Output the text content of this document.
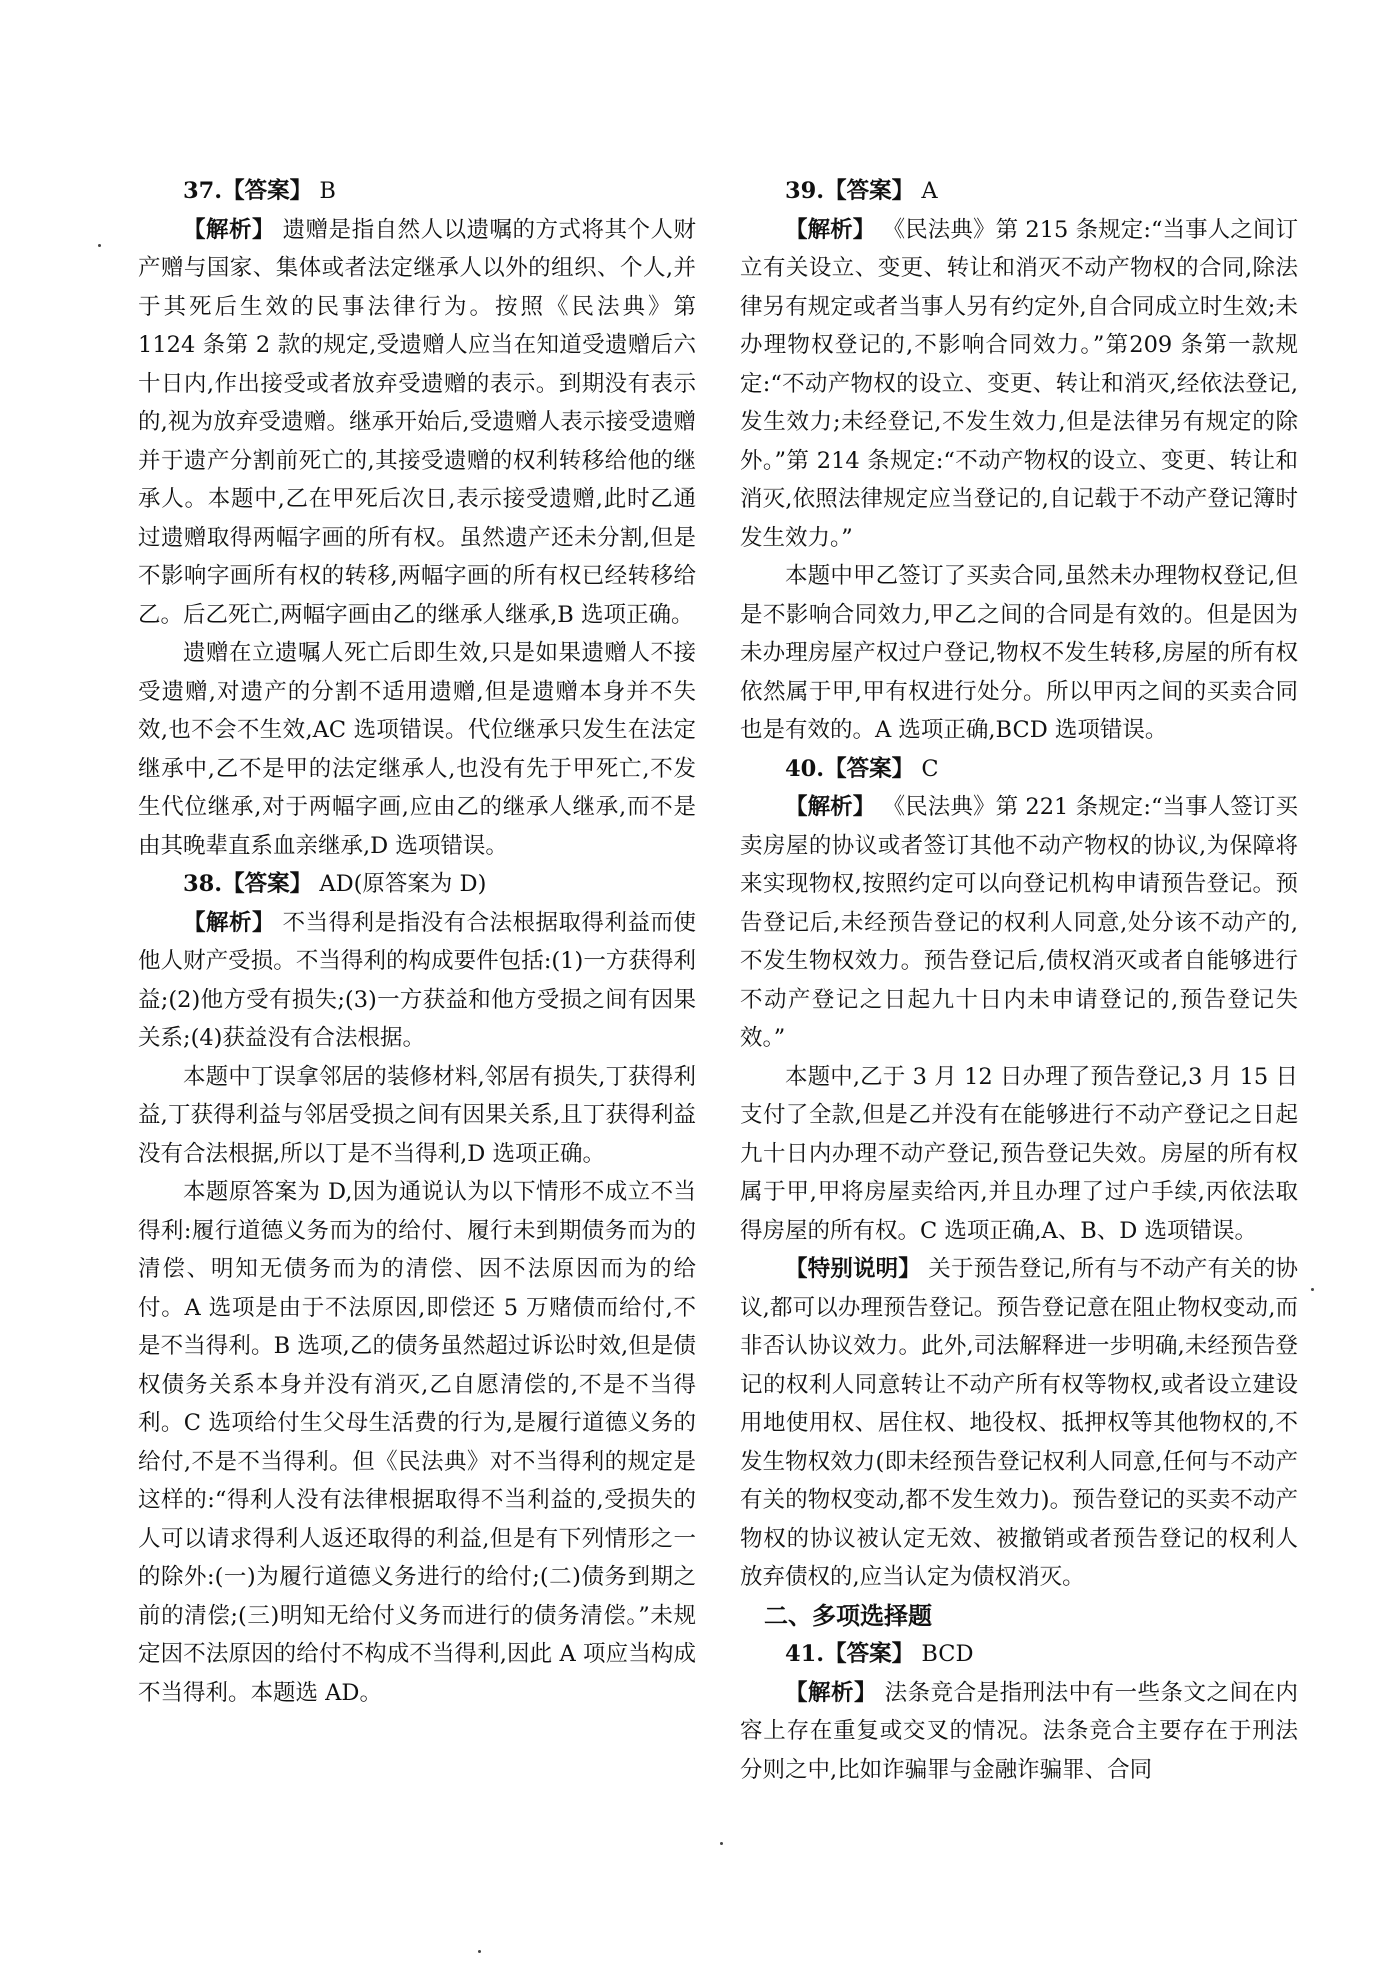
37.【答案】 B

【解析】 遗赠是指自然人以遗嘱的方式将其个人财产赠与国家、集体或者法定继承人以外的组织、个人,并于其死后生效的民事法律行为。按照《民法典》第 1124 条第 2 款的规定,受遗赠人应当在知道受遗赠后六十日内,作出接受或者放弃受遗赠的表示。到期没有表示的,视为放弃受遗赠。继承开始后,受遗赠人表示接受遗赠并于遗产分割前死亡的,其接受遗赠的权利转移给他的继承人。本题中,乙在甲死后次日,表示接受遗赠,此时乙通过遗赠取得两幅字画的所有权。虽然遗产还未分割,但是不影响字画所有权的转移,两幅字画的所有权已经转移给乙。后乙死亡,两幅字画由乙的继承人继承,B 选项正确。

遗赠在立遗嘱人死亡后即生效,只是如果遗赠人不接受遗赠,对遗产的分割不适用遗赠,但是遗赠本身并不失效,也不会不生效,AC 选项错误。代位继承只发生在法定继承中,乙不是甲的法定继承人,也没有先于甲死亡,不发生代位继承,对于两幅字画,应由乙的继承人继承,而不是由其晚辈直系血亲继承,D 选项错误。

38.【答案】 AD(原答案为 D)

【解析】 不当得利是指没有合法根据取得利益而使他人财产受损。不当得利的构成要件包括:(1)一方获得利益;(2)他方受有损失;(3)一方获益和他方受损之间有因果关系;(4)获益没有合法根据。

本题中丁误拿邻居的装修材料,邻居有损失,丁获得利益,丁获得利益与邻居受损之间有因果关系,且丁获得利益没有合法根据,所以丁是不当得利,D 选项正确。

本题原答案为 D,因为通说认为以下情形不成立不当得利:履行道德义务而为的给付、履行未到期债务而为的清偿、明知无债务而为的清偿、因不法原因而为的给付。A 选项是由于不法原因,即偿还 5 万赌债而给付,不是不当得利。B 选项,乙的债务虽然超过诉讼时效,但是债权债务关系本身并没有消灭,乙自愿清偿的,不是不当得利。C 选项给付生父母生活费的行为,是履行道德义务的给付,不是不当得利。但《民法典》对不当得利的规定是这样的:“得利人没有法律根据取得不当利益的,受损失的人可以请求得利人返还取得的利益,但是有下列情形之一的除外:(一)为履行道德义务进行的给付;(二)债务到期之前的清偿;(三)明知无给付义务而进行的债务清偿。”未规定因不法原因的给付不构成不当得利,因此 A 项应当构成不当得利。本题选 AD。

39.【答案】 A

【解析】 《民法典》第 215 条规定:“当事人之间订立有关设立、变更、转让和消灭不动产物权的合同,除法律另有规定或者当事人另有约定外,自合同成立时生效;未办理物权登记的,不影响合同效力。”第209 条第一款规定:“不动产物权的设立、变更、转让和消灭,经依法登记,发生效力;未经登记,不发生效力,但是法律另有规定的除外。”第 214 条规定:“不动产物权的设立、变更、转让和消灭,依照法律规定应当登记的,自记载于不动产登记簿时发生效力。”

本题中甲乙签订了买卖合同,虽然未办理物权登记,但是不影响合同效力,甲乙之间的合同是有效的。但是因为未办理房屋产权过户登记,物权不发生转移,房屋的所有权依然属于甲,甲有权进行处分。所以甲丙之间的买卖合同也是有效的。A 选项正确,BCD 选项错误。

40.【答案】 C

【解析】 《民法典》第 221 条规定:“当事人签订买卖房屋的协议或者签订其他不动产物权的协议,为保障将来实现物权,按照约定可以向登记机构申请预告登记。预告登记后,未经预告登记的权利人同意,处分该不动产的,不发生物权效力。预告登记后,债权消灭或者自能够进行不动产登记之日起九十日内未申请登记的,预告登记失效。”

本题中,乙于 3 月 12 日办理了预告登记,3 月 15 日支付了全款,但是乙并没有在能够进行不动产登记之日起九十日内办理不动产登记,预告登记失效。房屋的所有权属于甲,甲将房屋卖给丙,并且办理了过户手续,丙依法取得房屋的所有权。C 选项正确,A、B、D 选项错误。

【特别说明】 关于预告登记,所有与不动产有关的协议,都可以办理预告登记。预告登记意在阻止物权变动,而非否认协议效力。此外,司法解释进一步明确,未经预告登记的权利人同意转让不动产所有权等物权,或者设立建设用地使用权、居住权、地役权、抵押权等其他物权的,不发生物权效力(即未经预告登记权利人同意,任何与不动产有关的物权变动,都不发生效力)。预告登记的买卖不动产物权的协议被认定无效、被撤销或者预告登记的权利人放弃债权的,应当认定为债权消灭。

二、多项选择题

41.【答案】 BCD

【解析】 法条竞合是指刑法中有一些条文之间在内容上存在重复或交叉的情况。法条竞合主要存在于刑法分则之中,比如诈骗罪与金融诈骗罪、合同
